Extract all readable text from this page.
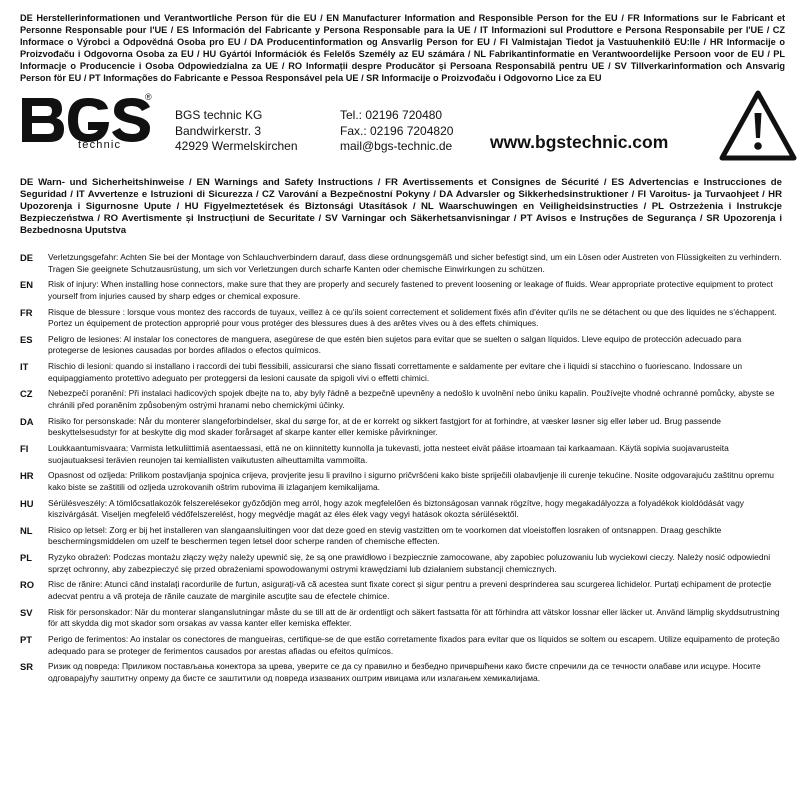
DE Herstellerinformationen und Verantwortliche Person für die EU / EN Manufacturer Information and Responsible Person for the EU / FR Informations sur le Fabricant et Personne Responsable pour l'UE / ES Información del Fabricante y Persona Responsable para la UE / IT Informazioni sul Produttore e Persona Responsabile per l'UE / CZ Informace o Výrobci a Odpovědná Osoba pro EU / DA Producentinformation og Ansvarlig Person for EU / FI Valmistajan Tiedot ja Vastuuhenkilö EU:lle / HR Informacije o Proizvođaču i Odgovorna Osoba za EU / HU Gyártói Információk és Felelős Személy az EU számára / NL Fabrikantinformatie en Verantwoordelijke Persoon voor de EU / PL Informacje o Producencie i Osoba Odpowiedzialna za UE / RO Informații despre Producător și Persoana Responsabilă pentru UE / SV Tillverkarinformation och Ansvarig Person för EU / PT Informações do Fabricante e Pessoa Responsável pela UE / SR Informacije o Proizvođaču i Odgovorno Lice za EU

®
technic
BGS technic KG
Bandwirkerstr. 3
42929 Wermelskirchen
Tel.: 02196 720480
Fax.: 02196 7204820
mail@bgs-technic.de www.bgstechnic.com

DE Warn- und Sicherheitshinweise / EN Warnings and Safety Instructions / FR Avertissements et Consignes de Sécurité / ES Advertencias e Instrucciones de Seguridad / IT Avvertenze e Istruzioni di Sicurezza / CZ Varování a Bezpečnostní Pokyny / DA Advarsler og Sikkerhedsinstruktioner / FI Varoitus- ja Turvaohjeet / HR Upozorenja i Sigurnosne Upute / HU Figyelmeztetések és Biztonsági Utasítások / NL Waarschuwingen en Veiligheidsinstructies / PL Ostrzeżenia i Instrukcje Bezpieczeństwa / RO Avertismente și Instrucțiuni de Securitate / SV Varningar och Säkerhetsanvisningar / PT Avisos e Instruções de Segurança / SR Upozorenja i Bezbednosna Uputstva

DE	Verletzungsgefahr: Achten Sie bei der Montage von Schlauchverbindern darauf, dass diese ordnungsgemäß und sicher befestigt sind, um ein Lösen oder Austreten von Flüssigkeiten zu verhindern. Tragen Sie geeignete Schutzausrüstung, um sich vor Verletzungen durch scharfe Kanten oder chemische Einwirkungen zu schützen.

EN	Risk of injury: When installing hose connectors, make sure that they are properly and securely fastened to prevent loosening or leakage of fluids. Wear appropriate protective equipment to protect yourself from injuries caused by sharp edges or chemical exposure.

FR	Risque de blessure : lorsque vous montez des raccords de tuyaux, veillez à ce qu'ils soient correctement et solidement fixés afin d'éviter qu'ils ne se détachent ou que des liquides ne s'échappent. Portez un équipement de protection approprié pour vous protéger des blessures dues à des arêtes vives ou à des effets chimiques.

ES	Peligro de lesiones: Al instalar los conectores de manguera, asegúrese de que estén bien sujetos para evitar que se suelten o salgan líquidos. Lleve equipo de protección adecuado para protegerse de lesiones causadas por bordes afilados o efectos químicos.

IT	Rischio di lesioni: quando si installano i raccordi dei tubi flessibili, assicurarsi che siano fissati correttamente e saldamente per evitare che i liquidi si stacchino o fuoriescano. Indossare un equipaggiamento protettivo adeguato per proteggersi da lesioni causate da spigoli vivi o effetti chimici.

CZ	Nebezpečí poranění: Při instalaci hadicových spojek dbejte na to, aby byly řádně a bezpečně upevněny a nedošlo k uvolnění nebo úniku kapalin. Používejte vhodné ochranné pomůcky, abyste se chránili před poraněním způsobeným ostrými hranami nebo chemickými účinky.

DA	Risiko for personskade: Når du monterer slangeforbindelser, skal du sørge for, at de er korrekt og sikkert fastgjort for at forhindre, at væsker løsner sig eller løber ud. Brug passende beskyttelsesudstyr for at beskytte dig mod skader forårsaget af skarpe kanter eller kemiske påvirkninger.

FI	Loukkaantumisvaara: Varmista letkuliittimiä asentaessasi, että ne on kiinnitetty kunnolla ja tukevasti, jotta nesteet eivät pääse irtoamaan tai karkaamaan. Käytä sopivia suojavarusteita suojautuaksesi terävien reunojen tai kemiallisten vaikutusten aiheuttamilta vammoilta.

HR	Opasnost od ozljeda: Prilikom postavljanja spojnica crijeva, provjerite jesu li pravilno i sigurno pričvršćeni kako biste spriječili olabavljenje ili curenje tekućine. Nosite odgovarajuću zaštitnu opremu kako biste se zaštitili od ozljeda uzrokovanih oštrim rubovima ili izlaganjem kemikalijama.

HU	Sérülésveszély: A tömlőcsatlakozók felszerelésekor győződjön meg arról, hogy azok megfelelően és biztonságosan vannak rögzítve, hogy megakadályozza a folyadékok kioldódását vagy kiszivárgását. Viseljen megfelelő védőfelszerelést, hogy megvédje magát az éles élek vagy vegyi hatások okozta sérülésektől.

NL	Risico op letsel: Zorg er bij het installeren van slangaansluitingen voor dat deze goed en stevig vastzitten om te voorkomen dat vloeistoffen losraken of ontsnappen. Draag geschikte beschermingsmiddelen om uzelf te beschermen tegen letsel door scherpe randen of chemische effecten.

PL	Ryzyko obrażeń: Podczas montażu złączy węży należy upewnić się, że są one prawidłowo i bezpiecznie zamocowane, aby zapobiec poluzowaniu lub wyciekowi cieczy. Należy nosić odpowiedni sprzęt ochronny, aby zabezpieczyć się przed obrażeniami spowodowanymi ostrymi krawędziami lub działaniem substancji chemicznych.

RO	Risc de rănire: Atunci când instalați racordurile de furtun, asigurați-vă că acestea sunt fixate corect și sigur pentru a preveni desprinderea sau scurgerea lichidelor. Purtați echipament de protecție adecvat pentru a vă proteja de rănile cauzate de marginile ascuțite sau de efectele chimice.

SV	Risk för personskador: När du monterar slanganslutningar måste du se till att de är ordentligt och säkert fastsatta för att förhindra att vätskor lossnar eller läcker ut. Använd lämplig skyddsutrustning för att skydda dig mot skador som orsakas av vassa kanter eller kemiska effekter.

PT	Perigo de ferimentos: Ao instalar os conectores de mangueiras, certifique-se de que estão corretamente fixados para evitar que os líquidos se soltem ou escapem. Utilize equipamento de proteção adequado para se proteger de ferimentos causados por arestas afiadas ou efeitos químicos.

SR	Ризик од повреда: Приликом постављања конектора за црева, уверите се да су правилно и безбедно причвршћени како бисте спречили да се течности олабаве или исцуре. Носите одговарајућу заштитну опрему да бисте се заштитили од повреда изазваних оштрим ивицама или излагањем хемикалијама.
